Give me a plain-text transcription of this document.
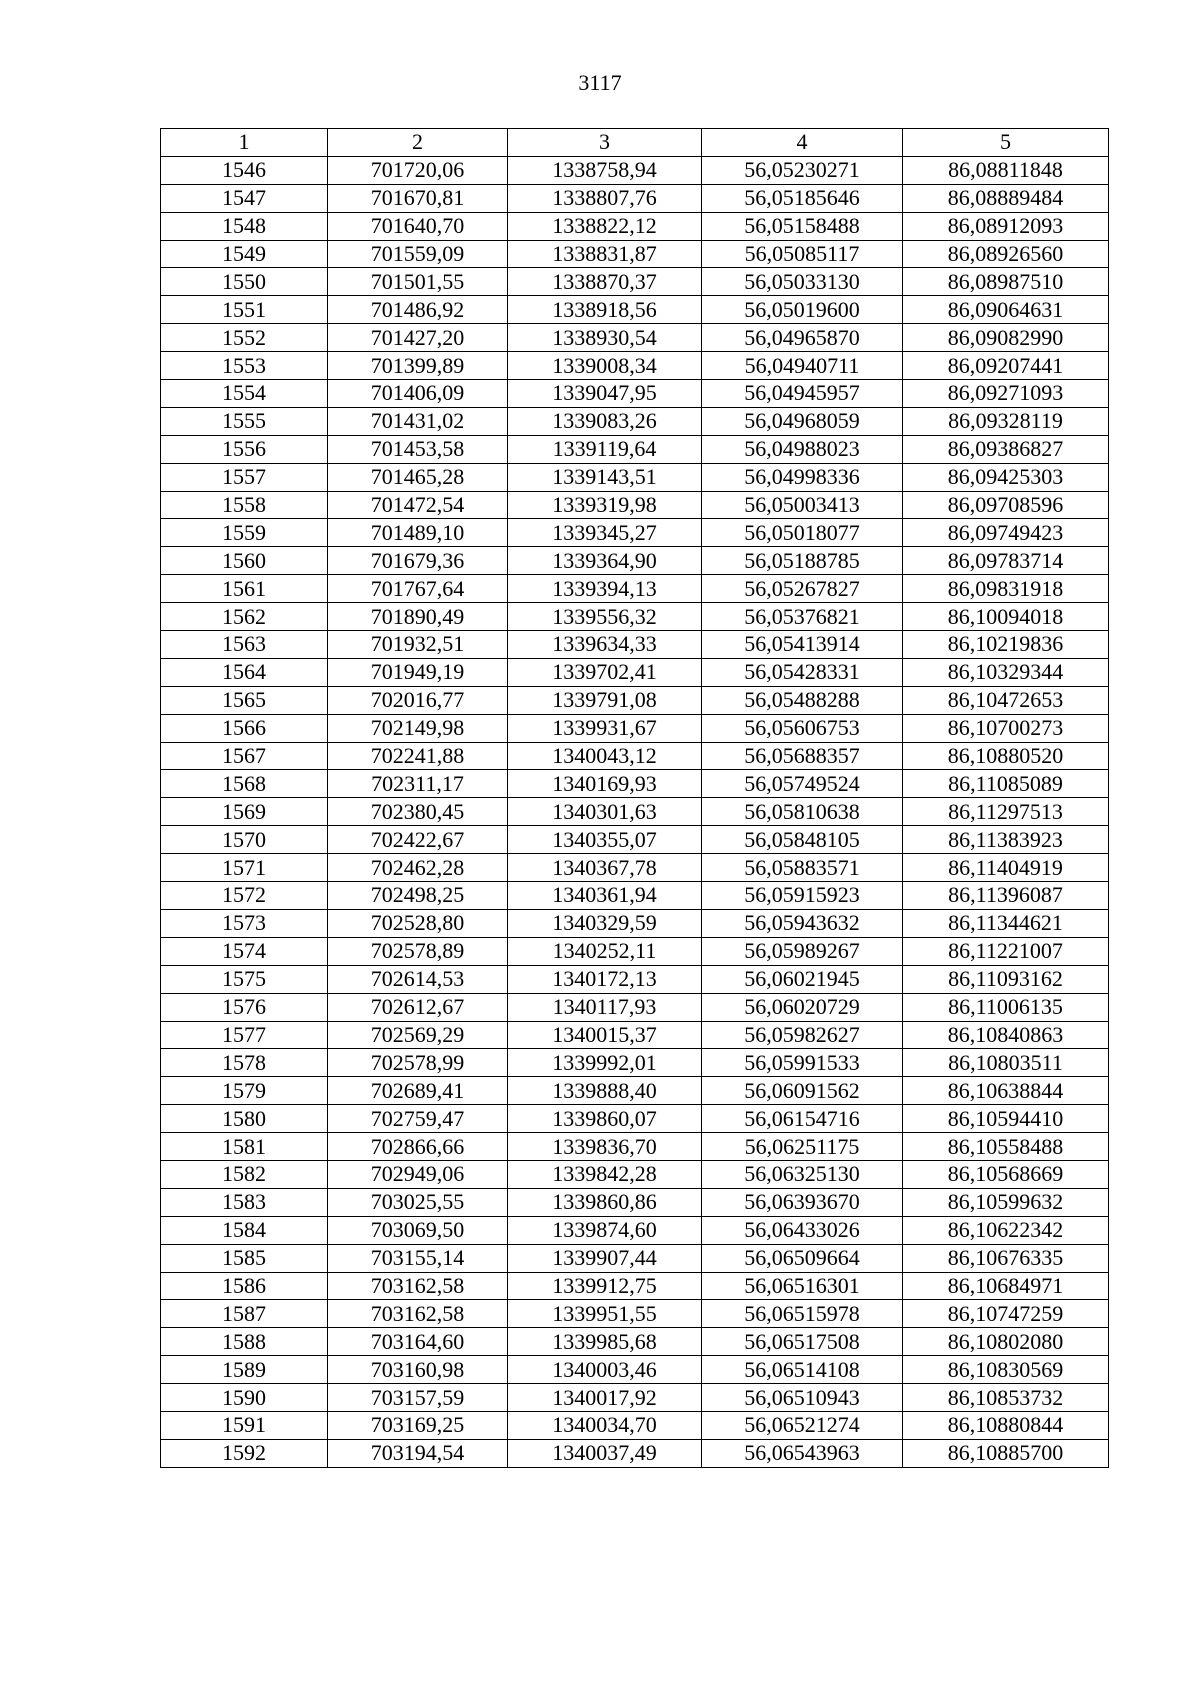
3117
1	2	3	4	5
1546	701720,06	1338758,94	56,05230271	86,08811848
1547	701670,81	1338807,76	56,05185646	86,08889484
1548	701640,70	1338822,12	56,05158488	86,08912093
1549	701559,09	1338831,87	56,05085117	86,08926560
1550	701501,55	1338870,37	56,05033130	86,08987510
1551	701486,92	1338918,56	56,05019600	86,09064631
1552	701427,20	1338930,54	56,04965870	86,09082990
1553	701399,89	1339008,34	56,04940711	86,09207441
1554	701406,09	1339047,95	56,04945957	86,09271093
1555	701431,02	1339083,26	56,04968059	86,09328119
1556	701453,58	1339119,64	56,04988023	86,09386827
1557	701465,28	1339143,51	56,04998336	86,09425303
1558	701472,54	1339319,98	56,05003413	86,09708596
1559	701489,10	1339345,27	56,05018077	86,09749423
1560	701679,36	1339364,90	56,05188785	86,09783714
1561	701767,64	1339394,13	56,05267827	86,09831918
1562	701890,49	1339556,32	56,05376821	86,10094018
1563	701932,51	1339634,33	56,05413914	86,10219836
1564	701949,19	1339702,41	56,05428331	86,10329344
1565	702016,77	1339791,08	56,05488288	86,10472653
1566	702149,98	1339931,67	56,05606753	86,10700273
1567	702241,88	1340043,12	56,05688357	86,10880520
1568	702311,17	1340169,93	56,05749524	86,11085089
1569	702380,45	1340301,63	56,05810638	86,11297513
1570	702422,67	1340355,07	56,05848105	86,11383923
1571	702462,28	1340367,78	56,05883571	86,11404919
1572	702498,25	1340361,94	56,05915923	86,11396087
1573	702528,80	1340329,59	56,05943632	86,11344621
1574	702578,89	1340252,11	56,05989267	86,11221007
1575	702614,53	1340172,13	56,06021945	86,11093162
1576	702612,67	1340117,93	56,06020729	86,11006135
1577	702569,29	1340015,37	56,05982627	86,10840863
1578	702578,99	1339992,01	56,05991533	86,10803511
1579	702689,41	1339888,40	56,06091562	86,10638844
1580	702759,47	1339860,07	56,06154716	86,10594410
1581	702866,66	1339836,70	56,06251175	86,10558488
1582	702949,06	1339842,28	56,06325130	86,10568669
1583	703025,55	1339860,86	56,06393670	86,10599632
1584	703069,50	1339874,60	56,06433026	86,10622342
1585	703155,14	1339907,44	56,06509664	86,10676335
1586	703162,58	1339912,75	56,06516301	86,10684971
1587	703162,58	1339951,55	56,06515978	86,10747259
1588	703164,60	1339985,68	56,06517508	86,10802080
1589	703160,98	1340003,46	56,06514108	86,10830569
1590	703157,59	1340017,92	56,06510943	86,10853732
1591	703169,25	1340034,70	56,06521274	86,10880844
1592	703194,54	1340037,49	56,06543963	86,10885700
